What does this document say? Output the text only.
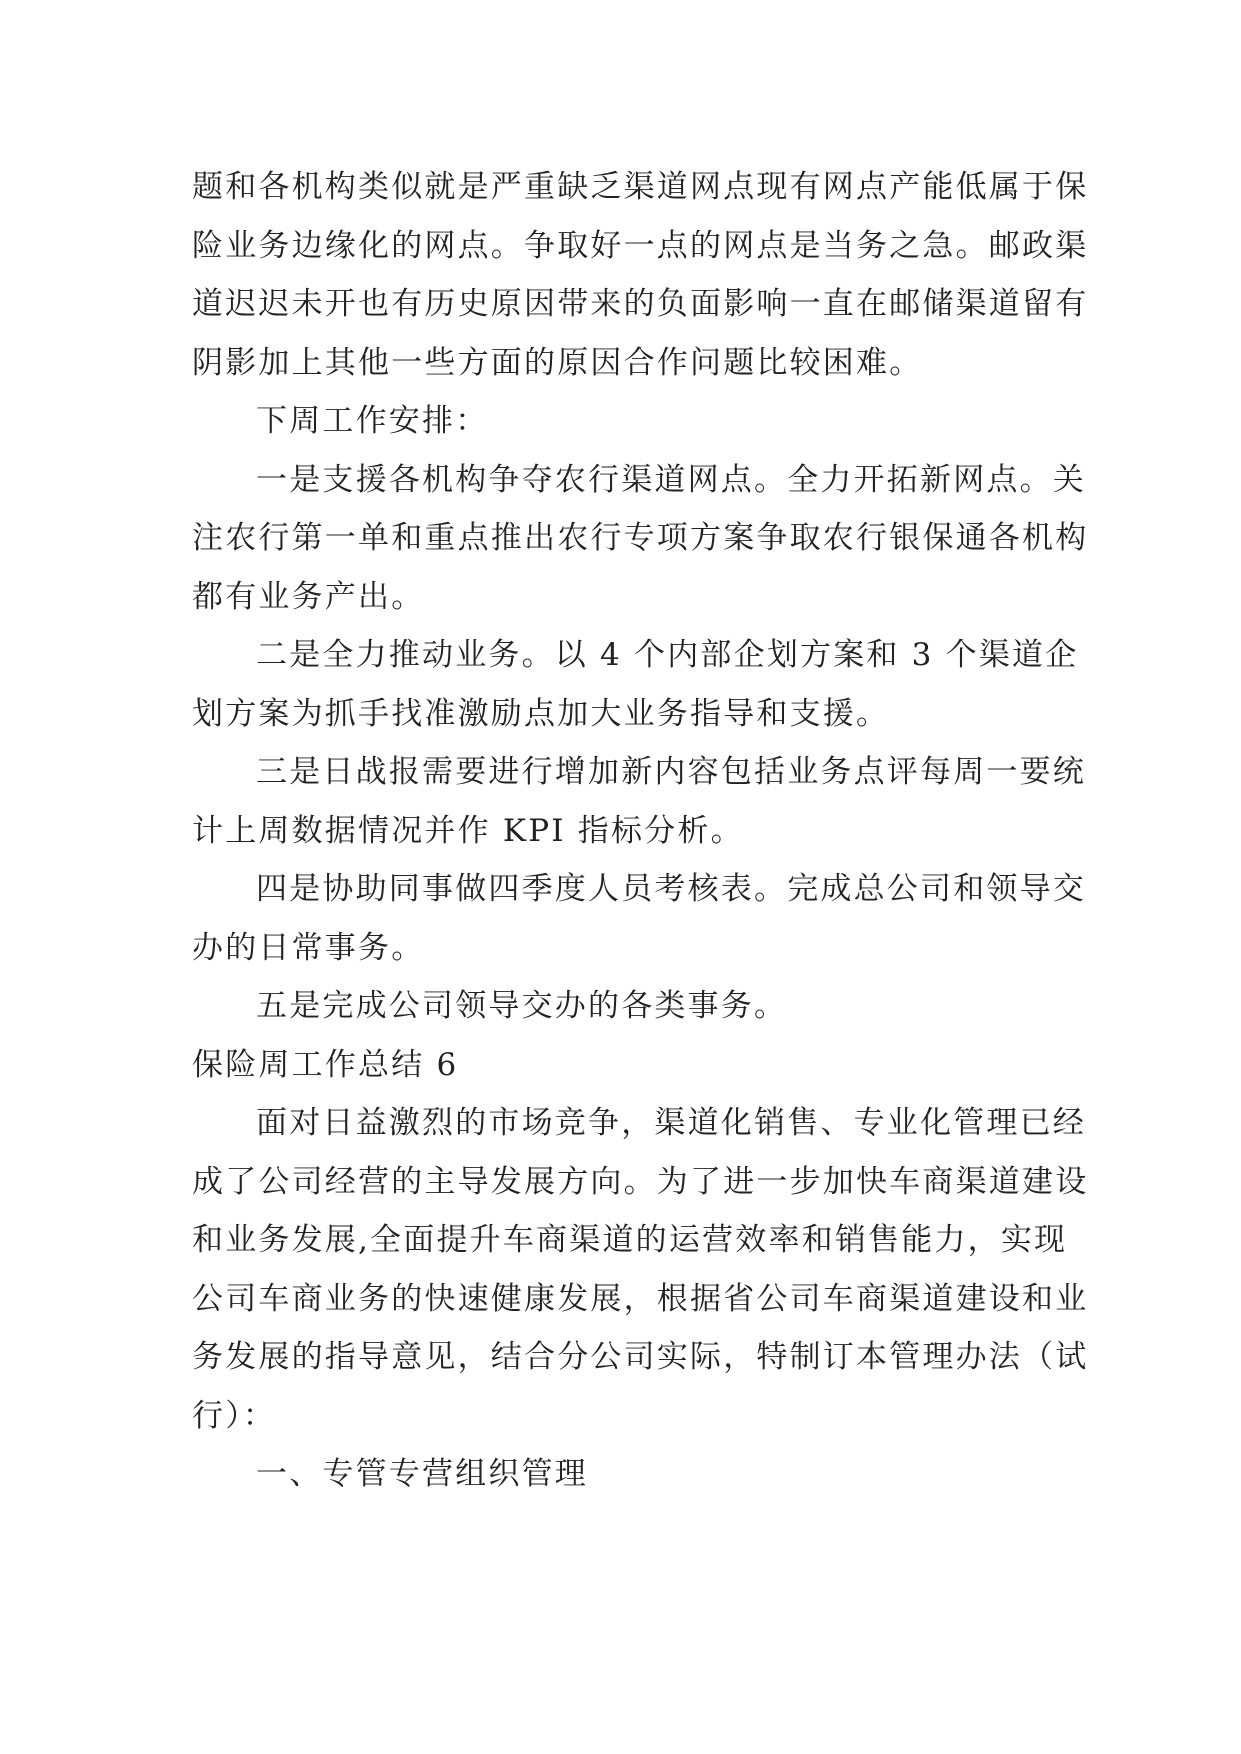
题和各机构类似就是严重缺乏渠道网点现有网点产能低属于保险业务边缘化的网点。争取好一点的网点是当务之急。邮政渠道迟迟未开也有历史原因带来的负面影响一直在邮储渠道留有阴影加上其他一些方面的原因合作问题比较困难。

下周工作安排：

一是支援各机构争夺农行渠道网点。全力开拓新网点。关注农行第一单和重点推出农行专项方案争取农行银保通各机构都有业务产出。

二是全力推动业务。以 4 个内部企划方案和 3 个渠道企划方案为抓手找准激励点加大业务指导和支援。

三是日战报需要进行增加新内容包括业务点评每周一要统计上周数据情况并作 KPI 指标分析。

四是协助同事做四季度人员考核表。完成总公司和领导交办的日常事务。

五是完成公司领导交办的各类事务。

保险周工作总结 6

面对日益激烈的市场竞争，渠道化销售、专业化管理已经成了公司经营的主导发展方向。为了进一步加快车商渠道建设和业务发展,全面提升车商渠道的运营效率和销售能力，实现公司车商业务的快速健康发展，根据省公司车商渠道建设和业务发展的指导意见，结合分公司实际，特制订本管理办法（试行）：

一、专管专营组织管理
